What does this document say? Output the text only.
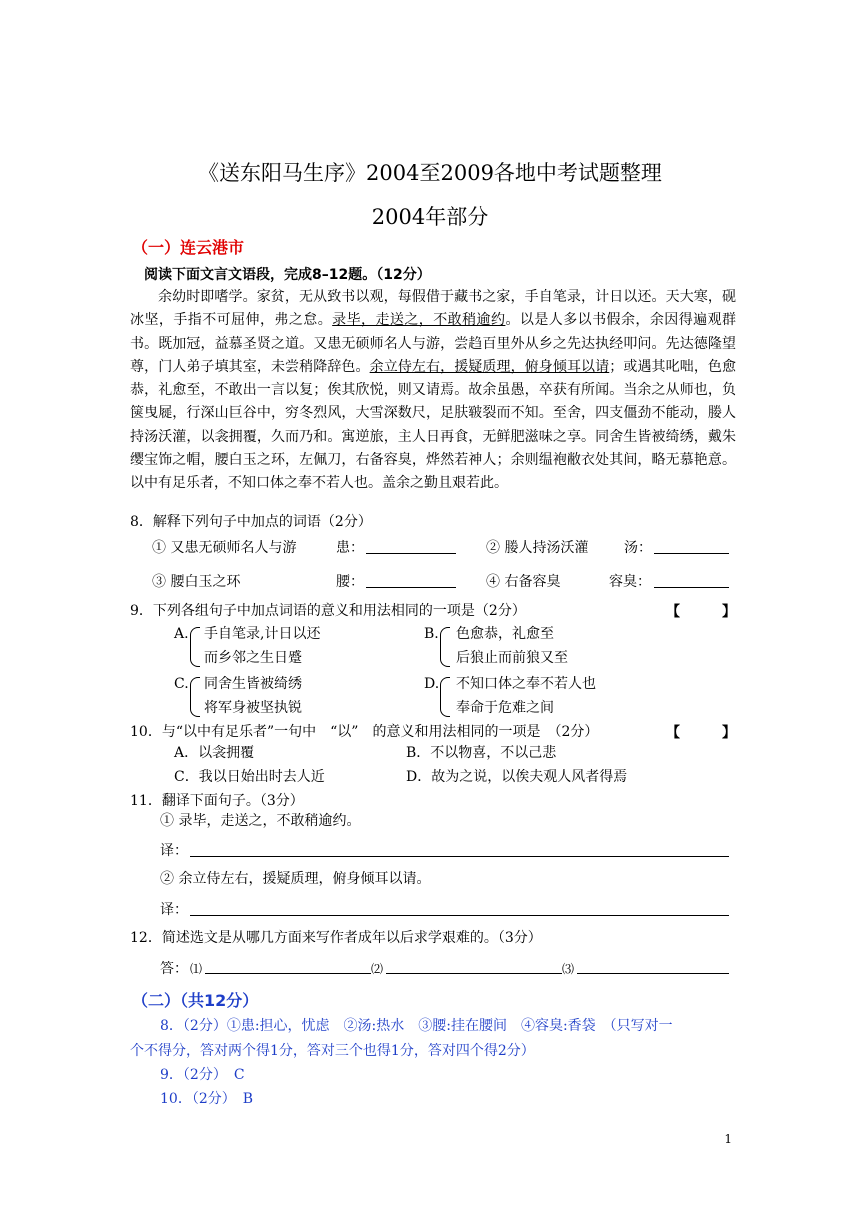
《送东阳马生序》2004至2009各地中考试题整理
2004年部分
（一）连云港市
阅读下面文言文语段，完成8–12题。（12分）

余幼时即嗜学。家贫，无从致书以观，每假借于藏书之家，手自笔录，计日以还。天大寒，砚冰坚，手指不可屈伸，弗之怠。录毕，走送之，不敢稍逾约。以是人多以书假余，余因得遍观群书。既加冠，益慕圣贤之道。又患无硕师名人与游，尝趋百里外从乡之先达执经叩问。先达德隆望尊，门人弟子填其室，未尝稍降辞色。余立侍左右，援疑质理，俯身倾耳以请；或遇其叱咄，色愈恭，礼愈至，不敢出一言以复；俟其欣悦，则又请焉。故余虽愚，卒获有所闻。当余之从师也，负箧曳屣，行深山巨谷中，穷冬烈风，大雪深数尺，足肤皲裂而不知。至舍，四支僵劲不能动，媵人持汤沃灌，以衾拥覆，久而乃和。寓逆旅，主人日再食，无鲜肥滋味之享。同舍生皆被绮绣，戴朱缨宝饰之帽，腰白玉之环，左佩刀，右备容臭，烨然若神人；余则缊袍敝衣处其间，略无慕艳意。以中有足乐者，不知口体之奉不若人也。盖余之勤且艰若此。

8．解释下列句子中加点的词语（2分）
① 又患无硕师名人与游	患：	② 媵人持汤沃灌	汤：
③ 腰白玉之环	腰：	④ 右备容臭	容臭：
9．下列各组句子中加点词语的意义和用法相同的一项是（2分）	【　　　】
A. 手自笔录,计日以还
而乡邻之生日蹙
B. 色愈恭，礼愈至
后狼止而前狼又至
C. 同舍生皆被绮绣
将军身被坚执锐
D. 不知口体之奉不若人也
奉命于危难之间
10．与“以中有足乐者”一句中　“以”　的意义和用法相同的一项是　（2分）	【　　　】
A．以衾拥覆	B．不以物喜，不以己悲
C．我以日始出时去人近	D．故为之说，以俟夫观人风者得焉
11．翻译下面句子。（3分）
① 录毕，走送之，不敢稍逾约。
译：
② 余立侍左右，援疑质理，俯身倾耳以请。
译：
12．简述选文是从哪几方面来写作者成年以后求学艰难的。（3分）
答： ⑴	⑵	⑶
（二）（共12分）
8．（2分）①患:担心，忧虑　②汤:热水　③腰:挂在腰间　④容臭:香袋　（只写对一
个不得分，答对两个得1分，答对三个也得1分，答对四个得2分）
9．（2分）　C
10．（2分）　B
1
